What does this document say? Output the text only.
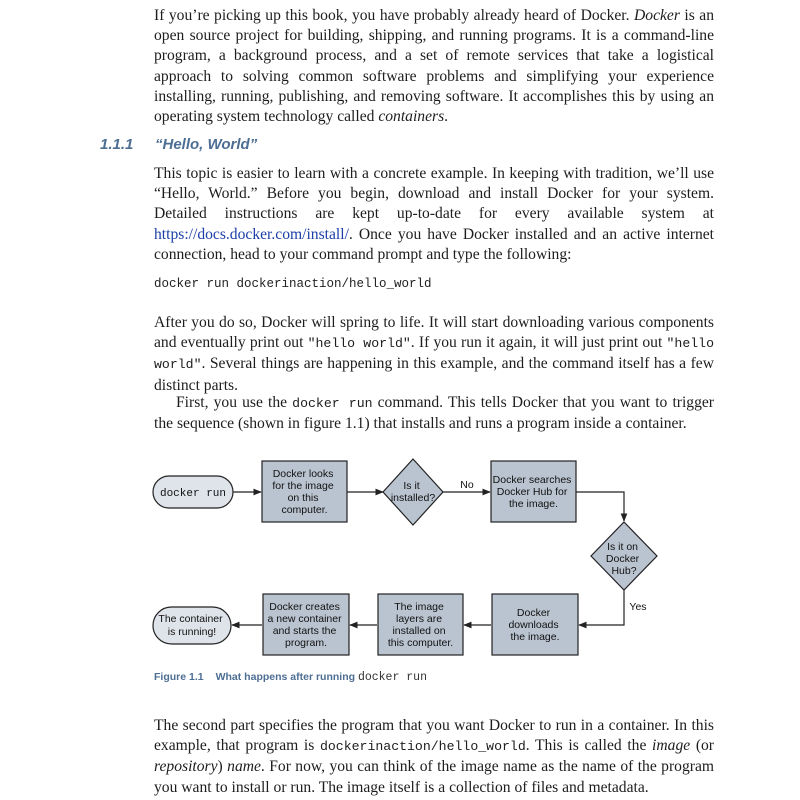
If you’re picking up this book, you have probably already heard of Docker. Docker is an open source project for building, shipping, and running programs. It is a command-line program, a background process, and a set of remote services that take a logistical approach to solving common software problems and simplifying your experience installing, running, publishing, and removing software. It accomplishes this by using an operating system technology called containers.

1.1.1 “Hello, World”

This topic is easier to learn with a concrete example. In keeping with tradition, we’ll use “Hello, World.” Before you begin, download and install Docker for your system. Detailed instructions are kept up-to-date for every available system at https://docs.docker.com/install/. Once you have Docker installed and an active internet connection, head to your command prompt and type the following:

docker run dockerinaction/hello_world

After you do so, Docker will spring to life. It will start downloading various components and eventually print out "hello world". If you run it again, it will just print out "hello world". Several things are happening in this example, and the command itself has a few distinct parts.

First, you use the docker run command. This tells Docker that you want to trigger the sequence (shown in figure 1.1) that installs and runs a program inside a container.

docker run
Docker looks for the image on this computer.
Is it installed?
No Docker searches Docker Hub for the image.
Is it on Docker Hub?
Yes
Docker downloads the image.
The image layers are installed on this computer.
Docker creates a new container and starts the program.
The container is running!
Figure 1.1 What happens after running docker run

The second part specifies the program that you want Docker to run in a container. In this example, that program is dockerinaction/hello_world. This is called the image (or repository) name. For now, you can think of the image name as the name of the program you want to install or run. The image itself is a collection of files and metadata.
